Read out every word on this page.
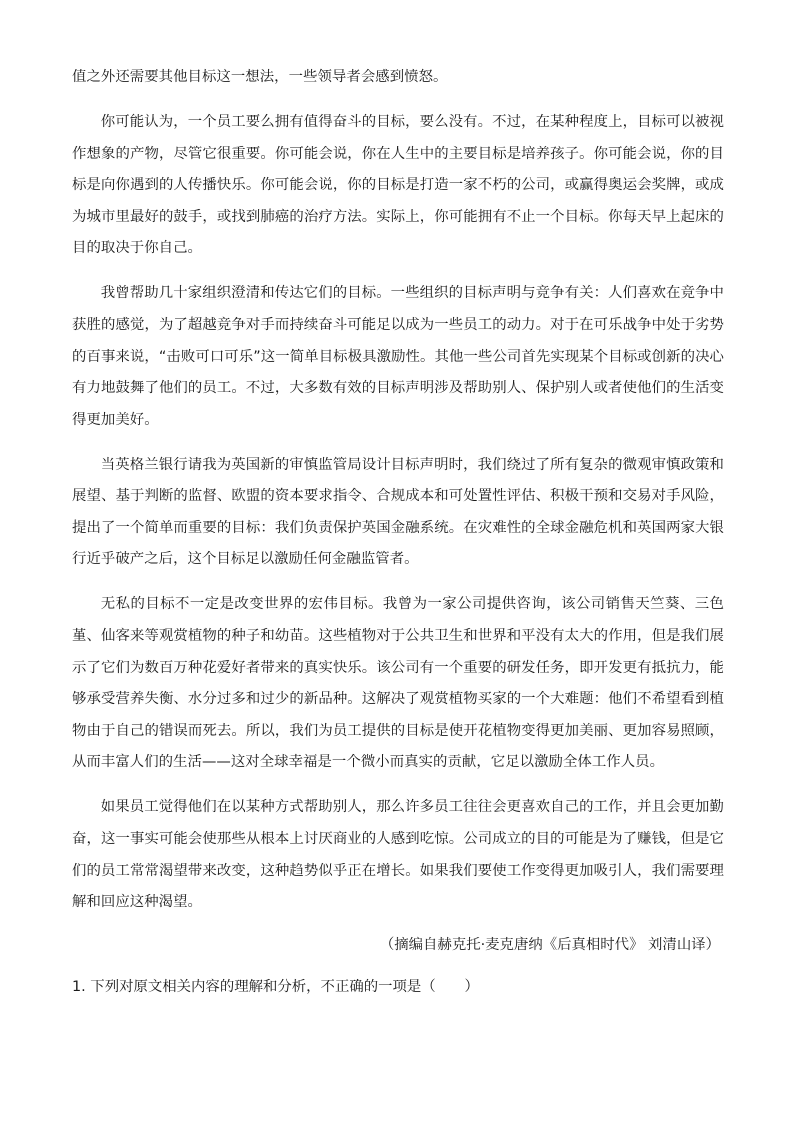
值之外还需要其他目标这一想法，一些领导者会感到愤怒。

你可能认为，一个员工要么拥有值得奋斗的目标，要么没有。不过，在某种程度上，目标可以被视作想象的产物，尽管它很重要。你可能会说，你在人生中的主要目标是培养孩子。你可能会说，你的目标是向你遇到的人传播快乐。你可能会说，你的目标是打造一家不朽的公司，或赢得奥运会奖牌，或成为城市里最好的鼓手，或找到肺癌的治疗方法。实际上，你可能拥有不止一个目标。你每天早上起床的目的取决于你自己。

我曾帮助几十家组织澄清和传达它们的目标。一些组织的目标声明与竞争有关：人们喜欢在竞争中获胜的感觉，为了超越竞争对手而持续奋斗可能足以成为一些员工的动力。对于在可乐战争中处于劣势的百事来说，“击败可口可乐”这一简单目标极具激励性。其他一些公司首先实现某个目标或创新的决心有力地鼓舞了他们的员工。不过，大多数有效的目标声明涉及帮助别人、保护别人或者使他们的生活变得更加美好。

当英格兰银行请我为英国新的审慎监管局设计目标声明时，我们绕过了所有复杂的微观审慎政策和展望、基于判断的监督、欧盟的资本要求指令、合规成本和可处置性评估、积极干预和交易对手风险，提出了一个简单而重要的目标：我们负责保护英国金融系统。在灾难性的全球金融危机和英国两家大银行近乎破产之后，这个目标足以激励任何金融监管者。

无私的目标不一定是改变世界的宏伟目标。我曾为一家公司提供咨询，该公司销售天竺葵、三色堇、仙客来等观赏植物的种子和幼苗。这些植物对于公共卫生和世界和平没有太大的作用，但是我们展示了它们为数百万种花爱好者带来的真实快乐。该公司有一个重要的研发任务，即开发更有抵抗力，能够承受营养失衡、水分过多和过少的新品种。这解决了观赏植物买家的一个大难题：他们不希望看到植物由于自己的错误而死去。所以，我们为员工提供的目标是使开花植物变得更加美丽、更加容易照顾，从而丰富人们的生活——这对全球幸福是一个微小而真实的贡献，它足以激励全体工作人员。

如果员工觉得他们在以某种方式帮助别人，那么许多员工往往会更喜欢自己的工作，并且会更加勤奋，这一事实可能会使那些从根本上讨厌商业的人感到吃惊。公司成立的目的可能是为了赚钱，但是它们的员工常常渴望带来改变，这种趋势似乎正在增长。如果我们要使工作变得更加吸引人，我们需要理解和回应这种渴望。

（摘编自赫克托·麦克唐纳《后真相时代》 刘清山译）

1. 下列对原文相关内容的理解和分析，不正确的一项是（　　）
